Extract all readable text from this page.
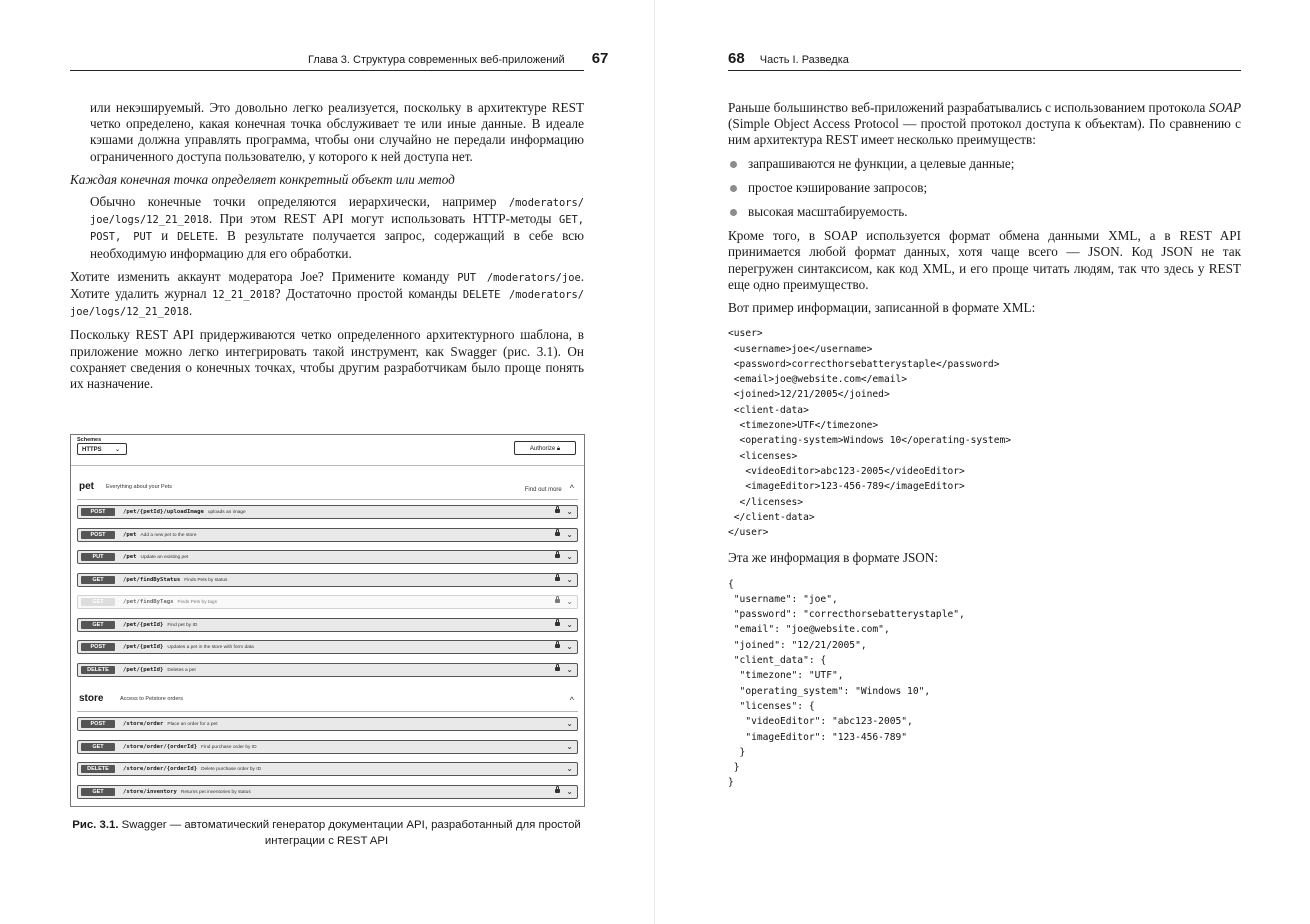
Глава 3. Структура современных веб-приложений 67

или некэшируемый. Это довольно легко реализуется, поскольку в архитектуре REST четко определено, какая конечная точка обслуживает те или иные данные. В идеале кэшами должна управлять программа, чтобы они случайно не передали информацию ограниченного доступа пользователю, у которого к ней доступа нет.

Каждая конечная точка определяет конкретный объект или метод

Обычно конечные точки определяются иерархически, например /moderators/ joe/logs/12_21_2018. При этом REST API могут использовать HTTP-методы GET, POST, PUT и DELETE. В результате получается запрос, содержащий в себе всю необходимую информацию для его обработки.

Хотите изменить аккаунт модератора Joe? Примените команду PUT /moderators/joe. Хотите удалить журнал 12_21_2018? Достаточно простой команды DELETE /moderators/ joe/logs/12_21_2018.

Поскольку REST API придерживаются четко определенного архитектурного шаблона, в приложение можно легко интегрировать такой инструмент, как Swagger (рис. 3.1). Он сохраняет сведения о конечных точках, чтобы другим разработчикам было проще понять их назначение.

Schemes
HTTPS ⌄	Authorize 🔒︎
pet Everything about your Pets	Find out more ^
POST	/pet/{petId}/uploadImage uploads an image	⌄
POST	/pet Add a new pet to the store	⌄
PUT	/pet Update an existing pet	⌄
GET	/pet/findByStatus Finds Pets by status	⌄
GET	/pet/findByTags Finds Pets by tags	⌄
GET	/pet/{petId} Find pet by ID	⌄
POST	/pet/{petId} Updates a pet in the store with form data	⌄
DELETE	/pet/{petId} Deletes a pet	⌄
store	Access to Petstore orders	^
POST	/store/order Place an order for a pet	⌄
GET	/store/order/{orderId} Find purchase order by ID	⌄
DELETE	/store/order/{orderId} Delete purchase order by ID	⌄
GET	/store/inventory Returns pet inventories by status	⌄
Рис. 3.1. Swagger — автоматический генератор документации API, разработанный для простой интеграции с REST API
68 Часть I. Разведка

Раньше большинство веб-приложений разрабатывались с использованием протокола SOAP (Simple Object Access Protocol — простой протокол доступа к объектам). По сравнению с ним архитектура REST имеет несколько преимуществ:

запрашиваются не функции, а целевые данные;
простое кэширование запросов;
высокая масштабируемость.

Кроме того, в SOAP используется формат обмена данными XML, а в REST API принимается любой формат данных, хотя чаще всего — JSON. Код JSON не так перегружен синтаксисом, как код XML, и его проще читать людям, так что здесь у REST еще одно преимущество.

Вот пример информации, записанной в формате XML:

<user>
<username>joe</username>
<password>correcthorsebatterystaple</password>
<email>joe@website.com</email>
<joined>12/21/2005</joined>
<client-data>
<timezone>UTF</timezone>
<operating-system>Windows 10</operating-system>
<licenses>
<videoEditor>abc123-2005</videoEditor>
<imageEditor>123-456-789</imageEditor>
</licenses>
</client-data>
</user>

Эта же информация в формате JSON:

{
"username": "joe",
"password": "correcthorsebatterystaple",
"email": "joe@website.com",
"joined": "12/21/2005",
"client_data": {
"timezone": "UTF",
"operating_system": "Windows 10",
"licenses": {
"videoEditor": "abc123-2005",
"imageEditor": "123-456-789"
}
}
}
